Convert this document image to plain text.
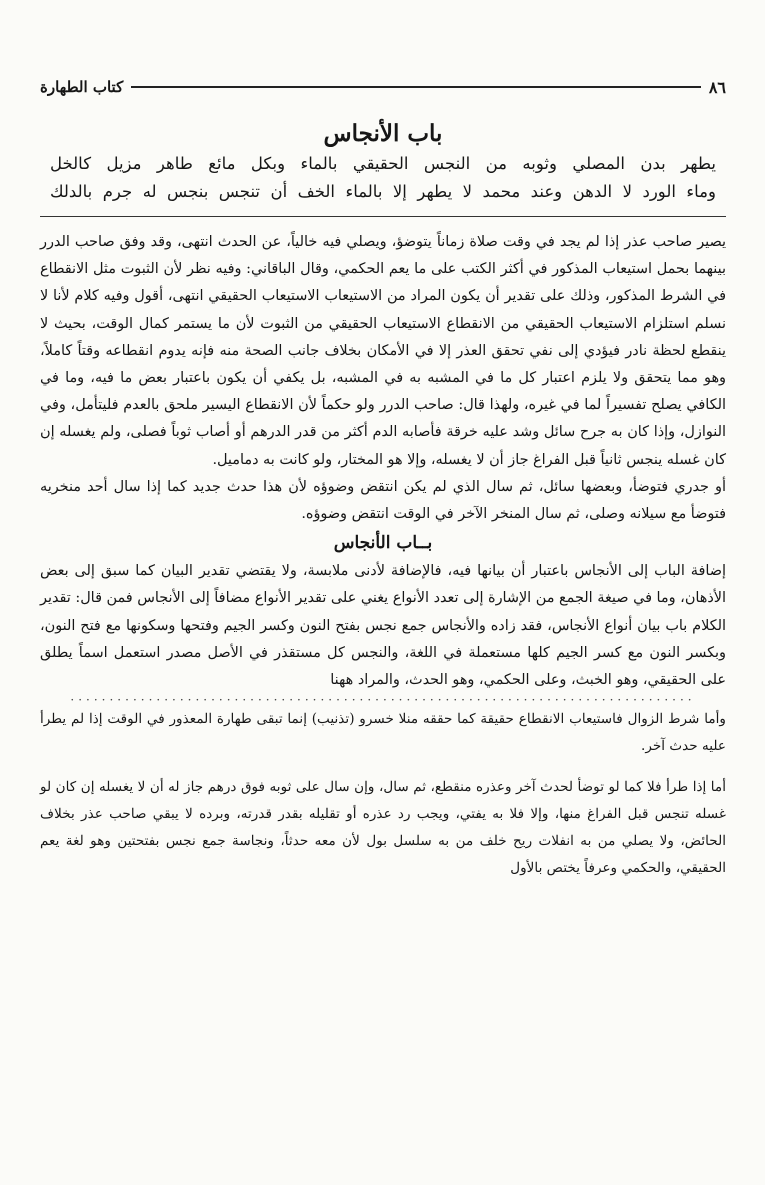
٨٦
كتاب الطهارة
باب الأنجاس

يطهر بدن المصلي وثوبه من النجس الحقيقي بالماء وبكل مائع طاهر مزيل كالخل

وماء الورد لا الدهن وعند محمد لا يطهر إلا بالماء الخف أن تنجس بنجس له جرم بالدلك

يصير صاحب عذر إذا لم يجد في وقت صلاة زماناً يتوضؤ، ويصلي فيه خالياً، عن الحدث انتهى، وقد وفق صاحب الدرر بينهما بحمل استيعاب المذكور في أكثر الكتب على ما يعم الحكمي، وقال الباقاني: وفيه نظر لأن الثبوت مثل الانقطاع في الشرط المذكور، وذلك على تقدير أن يكون المراد من الاستيعاب الاستيعاب الحقيقي انتهى، أقول وفيه كلام لأنا لا نسلم استلزام الاستيعاب الحقيقي من الانقطاع الاستيعاب الحقيقي من الثبوت لأن ما يستمر كمال الوقت، بحيث لا ينقطع لحظة نادر فيؤدي إلى نفي تحقق العذر إلا في الأمكان بخلاف جانب الصحة منه فإنه يدوم انقطاعه وقتاً كاملاً، وهو مما يتحقق ولا يلزم اعتبار كل ما في المشبه به في المشبه، بل يكفي أن يكون باعتبار بعض ما فيه، وما في الكافي يصلح تفسيراً لما في غيره، ولهذا قال: صاحب الدرر ولو حكماً لأن الانقطاع اليسير ملحق بالعدم فليتأمل، وفي النوازل، وإذا كان به جرح سائل وشد عليه خرقة فأصابه الدم أكثر من قدر الدرهم أو أصاب ثوباً فصلى، ولم يغسله إن كان غسله ينجس ثانياً قبل الفراغ جاز أن لا يغسله، وإلا هو المختار، ولو كانت به دماميل.

أو جدري فتوضأ، وبعضها سائل، ثم سال الذي لم يكن انتقض وضوؤه لأن هذا حدث جديد كما إذا سال أحد منخريه فتوضأ مع سيلانه وصلى، ثم سال المنخر الآخر في الوقت انتقض وضوؤه.

بــاب الأنجاس

إضافة الباب إلى الأنجاس باعتبار أن بيانها فيه، فالإضافة لأدنى ملابسة، ولا يقتضي تقدير البيان كما سبق إلى بعض الأذهان، وما في صيغة الجمع من الإشارة إلى تعدد الأنواع يغني على تقدير الأنواع مضافاً إلى الأنجاس فمن قال: تقدير الكلام باب بيان أنواع الأنجاس، فقد زاده والأنجاس جمع نجس بفتح النون وكسر الجيم وفتحها وسكونها مع فتح النون، وبكسر النون مع كسر الجيم كلها مستعملة في اللغة، والنجس كل مستقذر في الأصل مصدر استعمل اسماً يطلق على الحقيقي، وهو الخبث، وعلى الحكمي، وهو الحدث، والمراد ههنا

················································································

وأما شرط الزوال فاستيعاب الانقطاع حقيقة كما حققه منلا خسرو (تذنيب) إنما تبقى طهارة المعذور في الوقت إذا لم يطرأ عليه حدث آخر.

أما إذا طرأ فلا كما لو توضأ لحدث آخر وعذره منقطع، ثم سال، وإن سال على ثوبه فوق درهم جاز له أن لا يغسله إن كان لو غسله تنجس قبل الفراغ منها، وإلا فلا به يفتي، ويجب رد عذره أو تقليله بقدر قدرته، وبرده لا يبقي صاحب عذر بخلاف الحائض، ولا يصلي من به انفلات ريح خلف من به سلسل بول لأن معه حدثاً، ونجاسة جمع نجس بفتحتين وهو لغة يعم الحقيقي، والحكمي وعرفاً يختص بالأول
